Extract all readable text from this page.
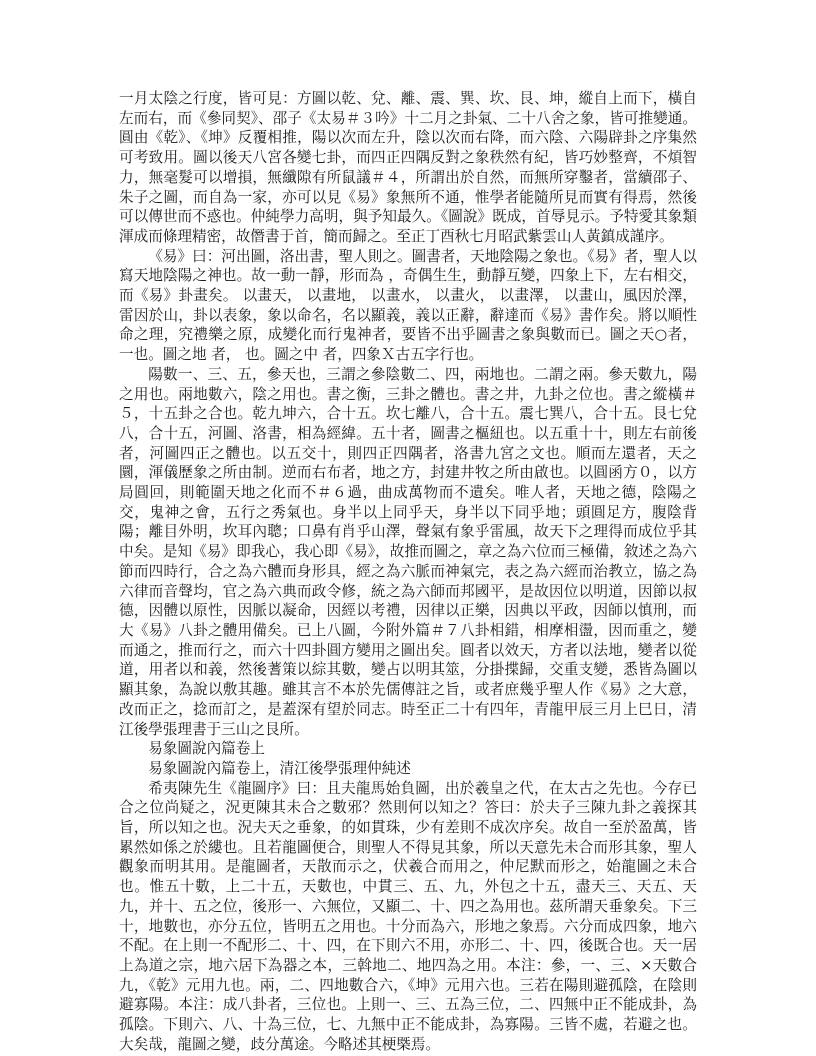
一月太陰之行度，皆可見：方圖以乾、兌、離、震、巽、坎、艮、坤，縱自上而下，橫自左而右，而《參同契》、邵子《太易＃３吟》十二月之卦氣、二十八舍之象，皆可推變通。圓由《乾》、《坤》反覆相推，陽以次而左升，陰以次而右降，而六陰、六陽辟卦之序集然可考致用。圖以後天八宮各變七卦，而四正四隅反對之象秩然有紀，皆巧妙整齊，不煩智力，無毫髮可以增損，無纖隙有所鼠議＃４，所謂出於自然，而無所穿鑿者，當續邵子、朱子之圖，而自為一家，亦可以見《易》象無所不通，惟學者能隨所見而實有得焉，然後可以傳世而不惑也。仲純學力高明，與予知最久。《圖說》既成，首辱見示。予特愛其象類渾成而條理精密，故僭書于首，簡而歸之。至正丁酉秋七月昭武紫雲山人黃鎮成謹序。

《易》曰：河出圖，洛出書，聖人則之。圖書者，天地陰陽之象也。《易》者，聖人以寫天地陰陽之神也。故一動一靜，形而為 ，奇偶生生，動靜互變，四象上下，左右相交，而《易》卦畫矣。 以畫天， 以畫地， 以畫水， 以畫火， 以畫澤， 以畫山，風因於澤，雷因於山，卦以表象，象以命名，名以顯義，義以正辭，辭達而《易》書作矣。將以順性命之理，究禮樂之原，成變化而行鬼神者，要皆不出乎圖書之象與數而已。圖之天○者，一也。圖之地 者， 也。圖之中 者，四象Ｘ古五字行也。

陽數一、三、五，參天也，三謂之參陰數二、四，兩地也。二謂之兩。參天數九，陽之用也。兩地數六，陰之用也。書之衡，三卦之體也。書之井，九卦之位也。書之縱橫＃５，十五卦之合也。乾九坤六，合十五。坎七離八，合十五。震七巽八，合十五。艮七兌八，合十五，河圖、洛書，相為經緯。五十者，圖書之樞紐也。以五重十十，則左右前後者，河圖四正之體也。以五交十，則四正四隅者，洛書九宮之文也。順而左還者，天之圜，渾儀歷象之所由制。逆而右布者，地之方，封建井牧之所由啟也。以圓函方０，以方局圓回，則範圍天地之化而不＃６過，曲成萬物而不遺矣。唯人者，天地之德，陰陽之交，鬼神之會，五行之秀氣也。身半以上同乎天，身半以下同乎地；頭圓足方，腹陰背陽；離目外明，坎耳內聰；口鼻有肖乎山澤，聲氣有象乎雷風，故天下之理得而成位乎其中矣。是知《易》即我心，我心即《易》，故推而圖之，章之為六位而三極備，敘述之為六節而四時行，合之為六體而身形具，經之為六脈而神氣完，表之為六經而治教立，協之為六律而音聲均，官之為六典而政令修，統之為六師而邦國平，是故因位以明道，因節以叔德，因體以原性，因脈以凝命，因經以考禮，因律以正樂，因典以平政，因師以慎刑，而大《易》八卦之體用備矣。已上八圖，今附外篇＃７八卦相錯，相摩相盪，因而重之，變而通之，推而行之，而六十四卦圓方變用之圖出矣。圓者以效天，方者以法地，變者以從道，用者以和義，然後蓍策以綜其數，變占以明其筮，分掛揲歸，交重支變，悉皆為圖以顯其象，為說以敷其趣。雖其言不本於先儒傳註之旨，或者庶幾乎聖人作《易》之大意，改而正之，捻而訂之，是蓋深有望於同志。時至正二十有四年，青龍甲辰三月上巳日，清江後學張理書于三山之艮所。

易象圖說內篇卷上

易象圖說內篇卷上，清江後學張理仲純述

希夷陳先生《龍圖序》曰：且夫龍馬始負圖，出於羲皇之代，在太古之先也。今存已合之位尚疑之，況更陳其未合之數邪？然則何以知之？答曰：於夫子三陳九卦之義探其旨，所以知之也。況夫天之垂象，的如貫珠，少有差則不成次序矣。故自一至於盈萬，皆累然如係之於縷也。且若龍圖便合，則聖人不得見其象，所以天意先未合而形其象，聖人觀象而明其用。是龍圖者，天散而示之，伏羲合而用之，仲尼默而形之，始龍圖之未合也。惟五十數，上二十五，天數也，中貫三、五、九，外包之十五，盡天三、天五、天九，并十、五之位，後形一、六無位，又顯二、十、四之為用也。茲所謂天垂象矣。下三十，地數也，亦分五位，皆明五之用也。十分而為六，形地之象焉。六分而成四象，地六不配。在上則一不配形二、十、四，在下則六不用，亦形二、十、四，後既合也。天一居上為道之宗，地六居下為器之本，三斡地二、地四為之用。本注：參，一、三、×天數合九，《乾》元用九也。兩，二、四地數合六，《坤》元用六也。三若在陽則避孤陰，在陰則避寡陽。本注：成八卦者，三位也。上則一、三、五為三位，二、四無中正不能成卦，為孤陰。下則六、八、十為三位，七、九無中正不能成卦，為寡陽。三皆不處，若避之也。大矣哉，龍圖之變，歧分萬途。今略述其梗槩焉。
